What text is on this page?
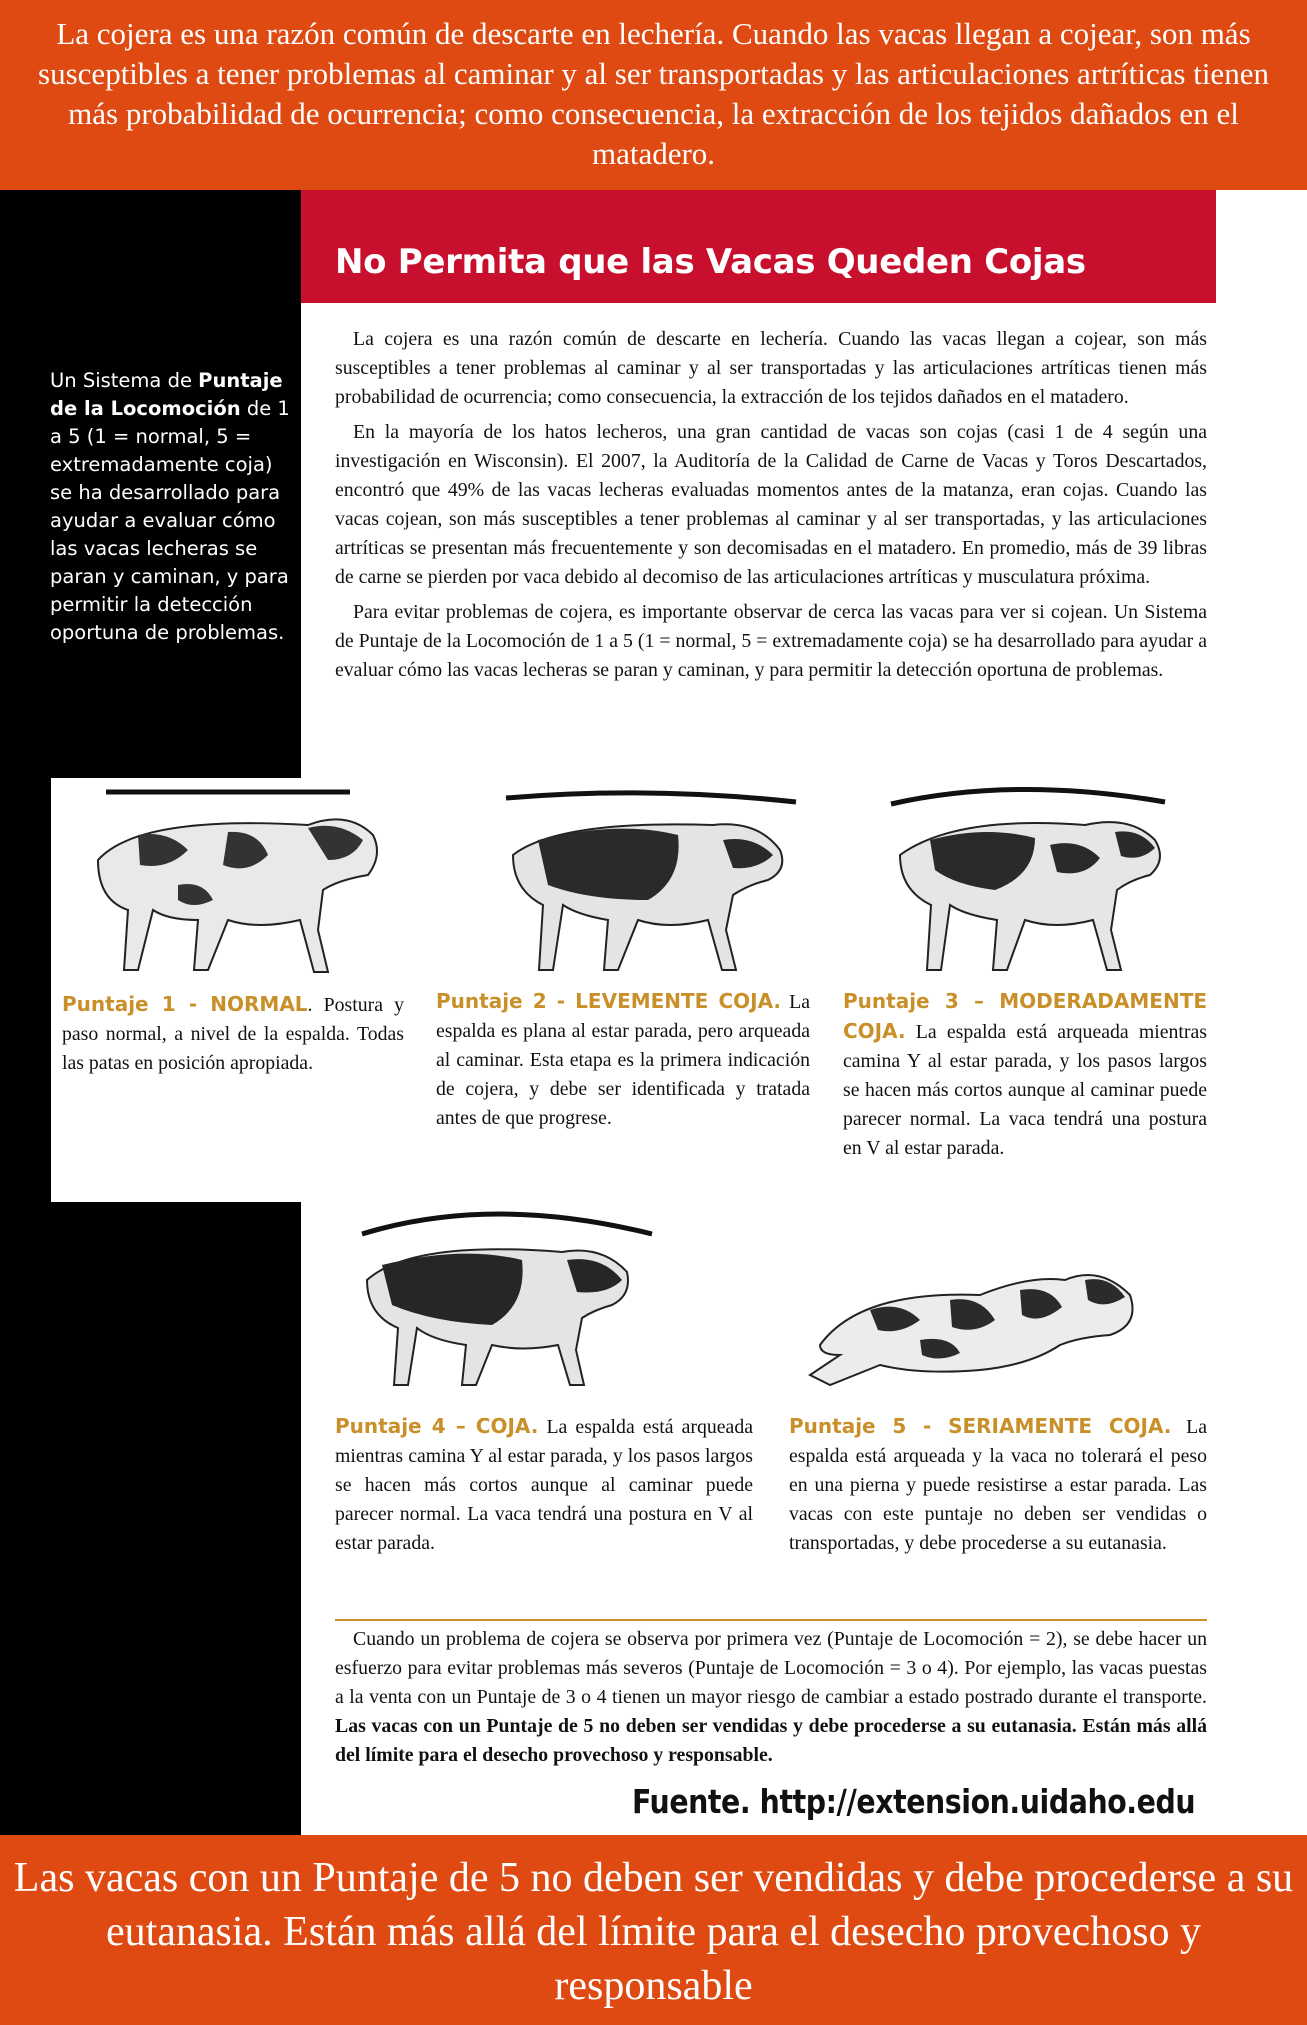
La cojera es una razón común de descarte en lechería. Cuando las vacas llegan a cojear, son más susceptibles a tener problemas al caminar y al ser transportadas y las articulaciones artríticas tienen más probabilidad de ocurrencia; como consecuencia, la extracción de los tejidos dañados en el matadero.
Un Sistema de Puntaje de la Locomoción de 1 a 5 (1 = normal, 5 = extremadamente coja) se ha desarrollado para ayudar a evaluar cómo las vacas lecheras se paran y caminan, y para permitir la detección oportuna de problemas.
No Permita que las Vacas Queden Cojas

La cojera es una razón común de descarte en lechería. Cuando las vacas llegan a cojear, son más susceptibles a tener problemas al caminar y al ser transportadas y las articulaciones artríticas tienen más probabilidad de ocurrencia; como consecuencia, la extracción de los tejidos dañados en el matadero.

En la mayoría de los hatos lecheros, una gran cantidad de vacas son cojas (casi 1 de 4 según una investigación en Wisconsin). El 2007, la Auditoría de la Calidad de Carne de Vacas y Toros Descartados, encontró que 49% de las vacas lecheras evaluadas momentos antes de la matanza, eran cojas. Cuando las vacas cojean, son más susceptibles a tener problemas al caminar y al ser transportadas, y las articulaciones artríticas se presentan más frecuentemente y son decomisadas en el matadero. En promedio, más de 39 libras de carne se pierden por vaca debido al decomiso de las articulaciones artríticas y musculatura próxima.

Para evitar problemas de cojera, es importante observar de cerca las vacas para ver si cojean. Un Sistema de Puntaje de la Locomoción de 1 a 5 (1 = normal, 5 = extremadamente coja) se ha desarrollado para ayudar a evaluar cómo las vacas lecheras se paran y caminan, y para permitir la detección oportuna de problemas.

Puntaje 1 - NORMAL. Postura y paso normal, a nivel de la espalda. Todas las patas en posición apropiada.
Puntaje 2 - LEVEMENTE COJA. La espalda es plana al estar parada, pero arqueada al caminar. Esta etapa es la primera indicación de cojera, y debe ser identificada y tratada antes de que progrese.
Puntaje 3 – MODERADAMENTE COJA. La espalda está arqueada mientras camina Y al estar parada, y los pasos largos se hacen más cortos aunque al caminar puede parecer normal. La vaca tendrá una postura en V al estar parada.
Puntaje 4 – COJA. La espalda está arqueada mientras camina Y al estar parada, y los pasos largos se hacen más cortos aunque al caminar puede parecer normal. La vaca tendrá una postura en V al estar parada.
Puntaje 5 - SERIAMENTE COJA. La espalda está arqueada y la vaca no tolerará el peso en una pierna y puede resistirse a estar parada. Las vacas con este puntaje no deben ser vendidas o transportadas, y debe procederse a su eutanasia.

Cuando un problema de cojera se observa por primera vez (Puntaje de Locomoción = 2), se debe hacer un esfuerzo para evitar problemas más severos (Puntaje de Locomoción = 3 o 4). Por ejemplo, las vacas puestas a la venta con un Puntaje de 3 o 4 tienen un mayor riesgo de cambiar a estado postrado durante el transporte. Las vacas con un Puntaje de 5 no deben ser vendidas y debe procederse a su eutanasia. Están más allá del límite para el desecho provechoso y responsable.

Fuente. http://extension.uidaho.edu
Las vacas con un Puntaje de 5 no deben ser vendidas y debe procederse a su eutanasia. Están más allá del límite para el desecho provechoso y responsable
